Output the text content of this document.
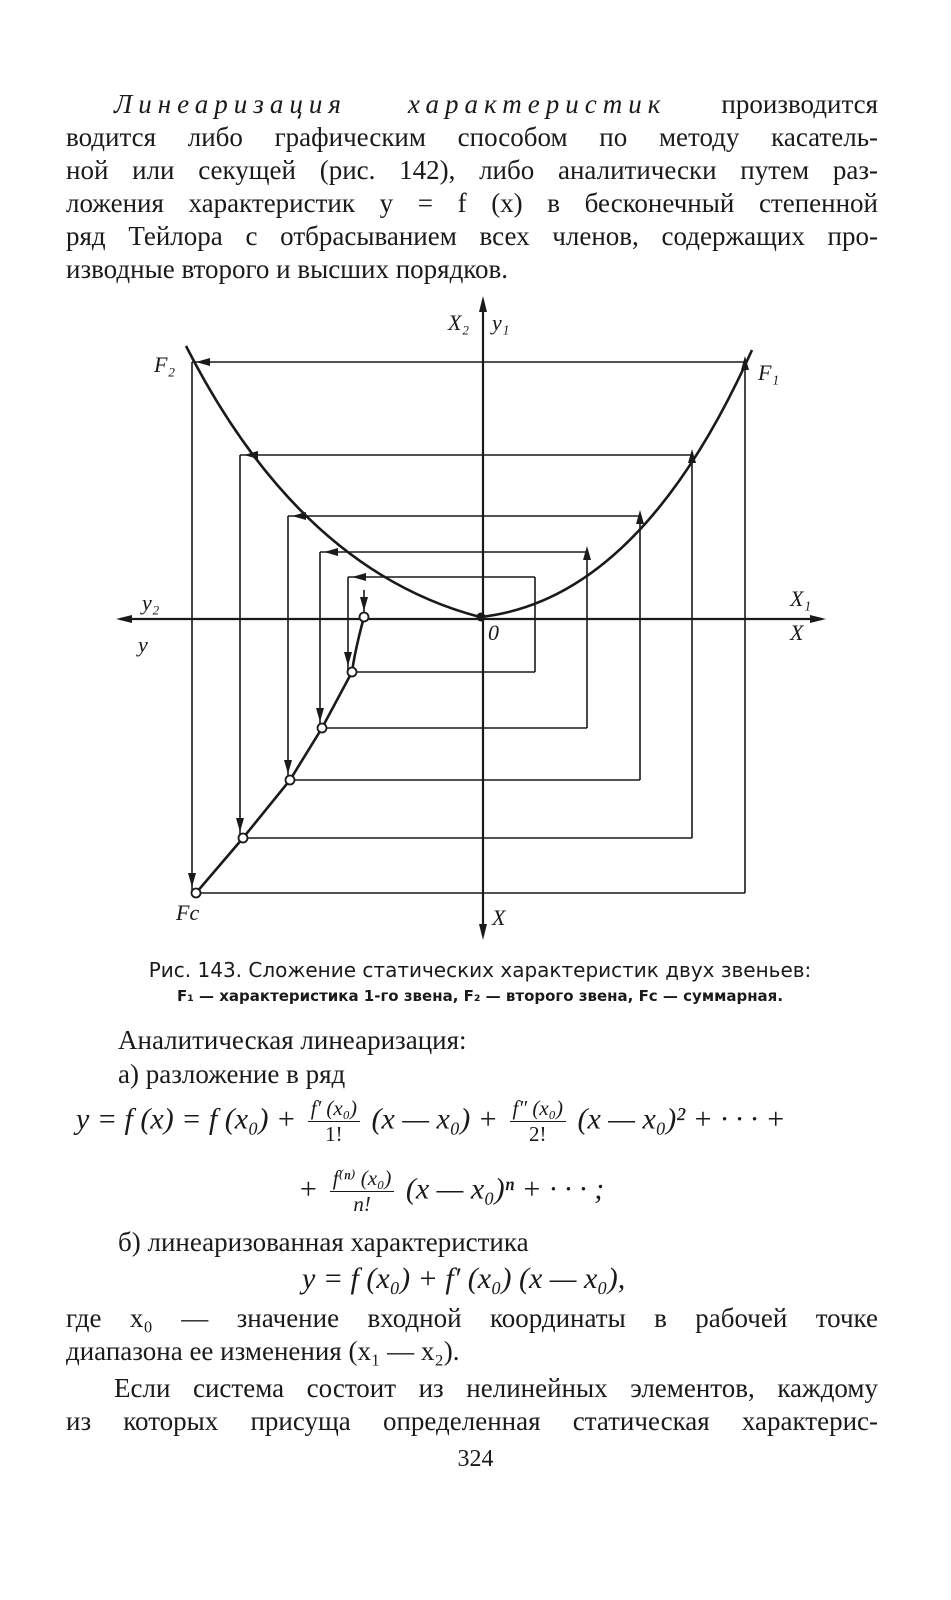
Линеаризация характеристик производится
водится либо графическим способом по методу касатель-
ной или секущей (рис. 142), либо аналитически путем раз-
ложения характеристик y = f (x) в бесконечный степенной
ряд Тейлора с отбрасыванием всех членов, содержащих про-
изводные второго и высших порядков.
X₂ y₁
F₂	F₁
y₂
y
X₁
X
0
Fc	X
Рис. 143. Сложение статических характеристик двух звеньев:
F₁ — характеристика 1-го звена, F₂ — второго звена, Fc — суммарная.
Аналитическая линеаризация:
а) разложение в ряд
y = f (x) = f $(x_0) + \frac{\text{f′ (x₀)}}{1!} (x$ — $x_0) + \frac{\text{f″ (x₀)}}{2!} (x$ — x₀)² + · · · +
+ $\frac{\text{f⁽ⁿ⁾ (x₀)}}{n!} (x$ — x₀)ⁿ + · · · ;
б) линеаризованная характеристика
y = f (x₀) + f′ (x₀) (x — x₀),
где x₀ — значение входной координаты в рабочей точке
диапазона ее изменения (x₁ — x₂).
Если система состоит из нелинейных элементов, каждому
из которых присуща определенная статическая характерис-
324
